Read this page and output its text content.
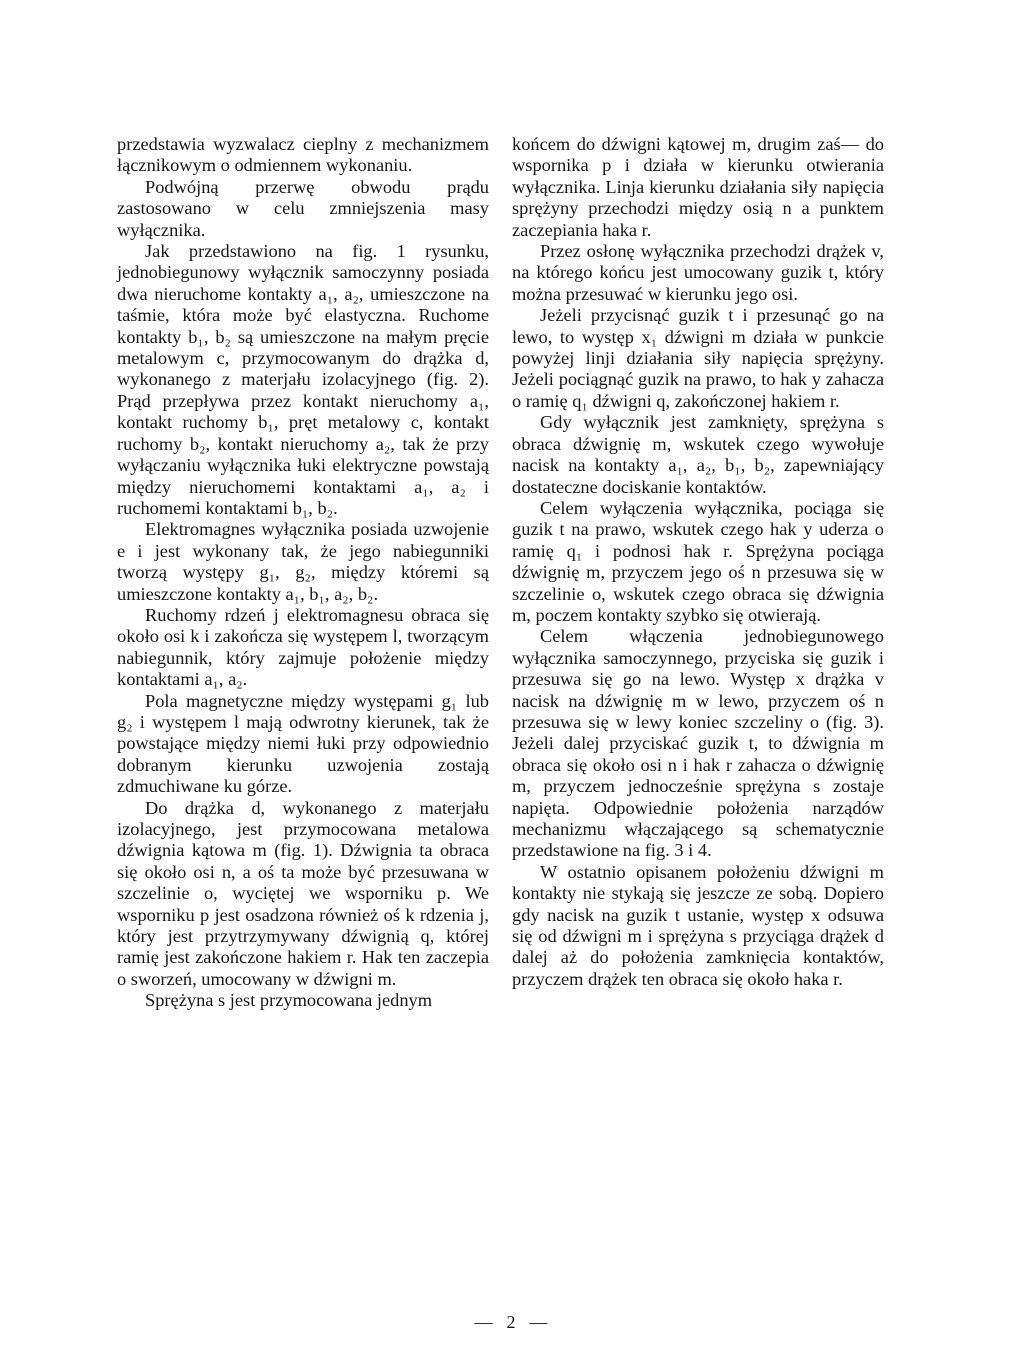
przedstawia wyzwalacz cieplny z mechanizmem łącznikowym o odmiennem wykonaniu.

Podwójną przerwę obwodu prądu zastosowano w celu zmniejszenia masy wyłącznika.

Jak przedstawiono na fig. 1 rysunku, jednobiegunowy wyłącznik samoczynny posiada dwa nieruchome kontakty a₁, a₂, umieszczone na taśmie, która może być elastyczna. Ruchome kontakty b₁, b₂ są umieszczone na małym pręcie metalowym c, przymocowanym do drążka d, wykonanego z materjału izolacyjnego (fig. 2). Prąd przepływa przez kontakt nieruchomy a₁, kontakt ruchomy b₁, pręt metalowy c, kontakt ruchomy b₂, kontakt nieruchomy a₂, tak że przy wyłączaniu wyłącznika łuki elektryczne powstają między nieruchomemi kontaktami a₁, a₂ i ruchomemi kontaktami b₁, b₂.

Elektromagnes wyłącznika posiada uzwojenie e i jest wykonany tak, że jego nabiegunniki tworzą występy g₁, g₂, między któremi są umieszczone kontakty a₁, b₁, a₂, b₂.

Ruchomy rdzeń j elektromagnesu obraca się około osi k i zakończa się występem l, tworzącym nabiegunnik, który zajmuje położenie między kontaktami a₁, a₂.

Pola magnetyczne między występami g₁ lub g₂ i występem l mają odwrotny kierunek, tak że powstające między niemi łuki przy odpowiednio dobranym kierunku uzwojenia zostają zdmuchiwane ku górze.

Do drążka d, wykonanego z materjału izolacyjnego, jest przymocowana metalowa dźwignia kątowa m (fig. 1). Dźwignia ta obraca się około osi n, a oś ta może być przesuwana w szczelinie o, wyciętej we wsporniku p. We wsporniku p jest osadzona również oś k rdzenia j, który jest przytrzymywany dźwignią q, której ramię jest zakończone hakiem r. Hak ten zaczepia o sworzeń, umocowany w dźwigni m.

Sprężyna s jest przymocowana jednym

końcem do dźwigni kątowej m, drugim zaś— do wspornika p i działa w kierunku otwierania wyłącznika. Linja kierunku działania siły napięcia sprężyny przechodzi między osią n a punktem zaczepiania haka r.

Przez osłonę wyłącznika przechodzi drążek v, na którego końcu jest umocowany guzik t, który można przesuwać w kierunku jego osi.

Jeżeli przycisnąć guzik t i przesunąć go na lewo, to występ x₁ dźwigni m działa w punkcie powyżej linji działania siły napięcia sprężyny. Jeżeli pociągnąć guzik na prawo, to hak y zahacza o ramię q₁ dźwigni q, zakończonej hakiem r.

Gdy wyłącznik jest zamknięty, sprężyna s obraca dźwignię m, wskutek czego wywołuje nacisk na kontakty a₁, a₂, b₁, b₂, zapewniający dostateczne dociskanie kontaktów.

Celem wyłączenia wyłącznika, pociąga się guzik t na prawo, wskutek czego hak y uderza o ramię q₁ i podnosi hak r. Sprężyna pociąga dźwignię m, przyczem jego oś n przesuwa się w szczelinie o, wskutek czego obraca się dźwignia m, poczem kontakty szybko się otwierają.

Celem włączenia jednobiegunowego wyłącznika samoczynnego, przyciska się guzik i przesuwa się go na lewo. Występ x drążka v nacisk na dźwignię m w lewo, przyczem oś n przesuwa się w lewy koniec szczeliny o (fig. 3). Jeżeli dalej przyciskać guzik t, to dźwignia m obraca się około osi n i hak r zahacza o dźwignię m, przyczem jednocześnie sprężyna s zostaje napięta. Odpowiednie położenia narządów mechanizmu włączającego są schematycznie przedstawione na fig. 3 i 4.

W ostatnio opisanem położeniu dźwigni m kontakty nie stykają się jeszcze ze sobą. Dopiero gdy nacisk na guzik t ustanie, występ x odsuwa się od dźwigni m i sprężyna s przyciąga drążek d dalej aż do położenia zamknięcia kontaktów, przyczem drążek ten obraca się około haka r.

— 2 —
